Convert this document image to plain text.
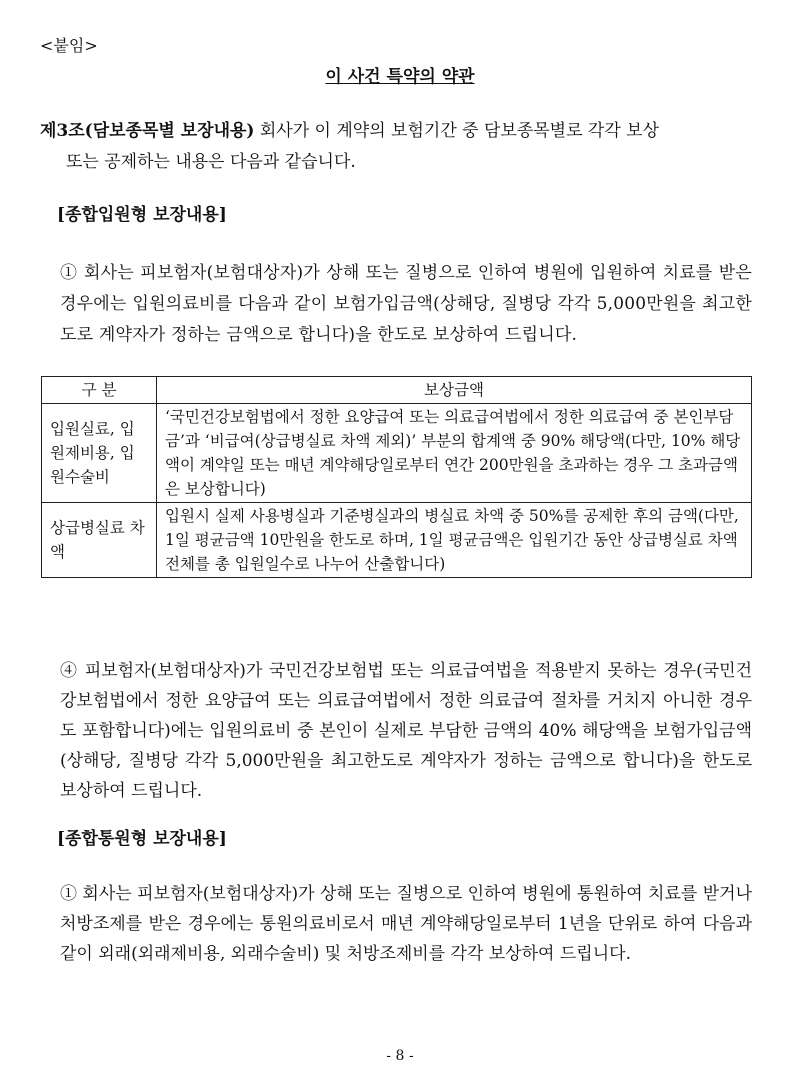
<붙임>
이 사건 특약의 약관
제3조(담보종목별 보장내용) 회사가 이 계약의 보험기간 중 담보종목별로 각각 보상
또는 공제하는 내용은 다음과 같습니다.
[종합입원형 보장내용]
① 회사는 피보험자(보험대상자)가 상해 또는 질병으로 인하여 병원에 입원하여 치료를 받은 경우에는 입원의료비를 다음과 같이 보험가입금액(상해당, 질병당 각각 5,000만원을 최고한도로 계약자가 정하는 금액으로 합니다)을 한도로 보상하여 드립니다.
구 분	보상금액
입원실료, 입원제비용, 입원수술비	‘국민건강보험법에서 정한 요양급여 또는 의료급여법에서 정한 의료급여 중 본인부담금’과 ‘비급여(상급병실료 차액 제외)’ 부분의 합계액 중 90% 해당액(다만, 10% 해당액이 계약일 또는 매년 계약해당일로부터 연간 200만원을 초과하는 경우 그 초과금액은 보상합니다)
상급병실료 차액	입원시 실제 사용병실과 기준병실과의 병실료 차액 중 50%를 공제한 후의 금액(다만, 1일 평균금액 10만원을 한도로 하며, 1일 평균금액은 입원기간 동안 상급병실료 차액 전체를 총 입원일수로 나누어 산출합니다)
④ 피보험자(보험대상자)가 국민건강보험법 또는 의료급여법을 적용받지 못하는 경우(국민건강보험법에서 정한 요양급여 또는 의료급여법에서 정한 의료급여 절차를 거치지 아니한 경우도 포함합니다)에는 입원의료비 중 본인이 실제로 부담한 금액의 40% 해당액을 보험가입금액(상해당, 질병당 각각 5,000만원을 최고한도로 계약자가 정하는 금액으로 합니다)을 한도로 보상하여 드립니다.
[종합통원형 보장내용]
① 회사는 피보험자(보험대상자)가 상해 또는 질병으로 인하여 병원에 통원하여 치료를 받거나 처방조제를 받은 경우에는 통원의료비로서 매년 계약해당일로부터 1년을 단위로 하여 다음과 같이 외래(외래제비용, 외래수술비) 및 처방조제비를 각각 보상하여 드립니다.
- 8 -
